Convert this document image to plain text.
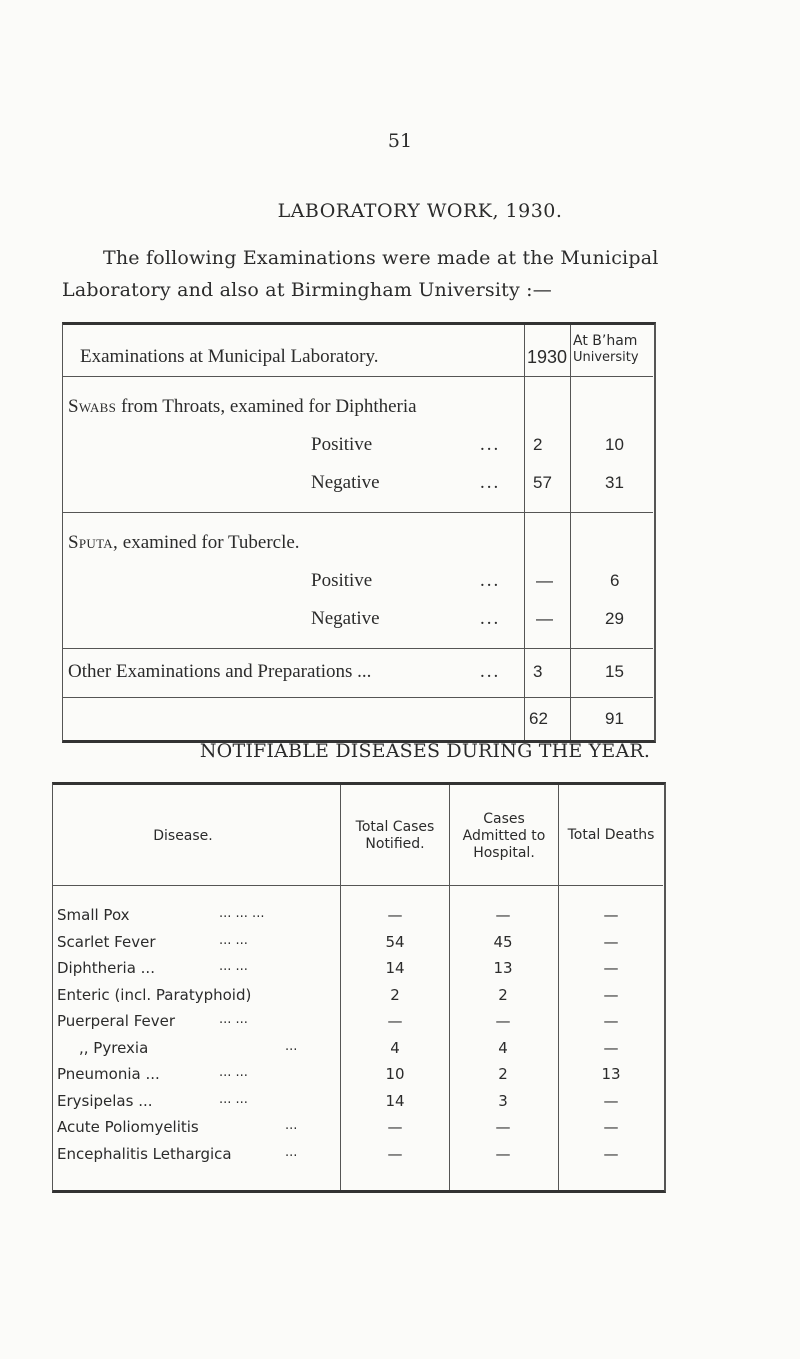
51
LABORATORY WORK, 1930.
The following Examinations were made at the Municipal
Laboratory and also at Birmingham University :—
Examinations at Municipal Laboratory.	1930
At B’ham
University
Swabs from Throats, examined for Diphtheria
Positive	... 2	10
Negative	... 57	31
Sputa, examined for Tubercle.
Positive	... —	6
Negative	... —	29
Other Examinations and Preparations ...	... 3	15
62	91
NOTIFIABLE DISEASES DURING THE YEAR.
Disease.
Total Cases
Notified.
Cases
Admitted to
Hospital.
Total Deaths
Small Pox	... ... ...	—	—	—
Scarlet Fever	... ...	54	45	—
Diphtheria ...	... ...	14	13	—
Enteric (incl. Paratyphoid)	2	2	—
Puerperal Fever	... ...	—	—	—
,, Pyrexia	...	4	4	—
Pneumonia ...	... ...	10	2	13
Erysipelas ...	... ...	14	3	—
Acute Poliomyelitis	...	—	—	—
Encephalitis Lethargica	...	—	—	—
